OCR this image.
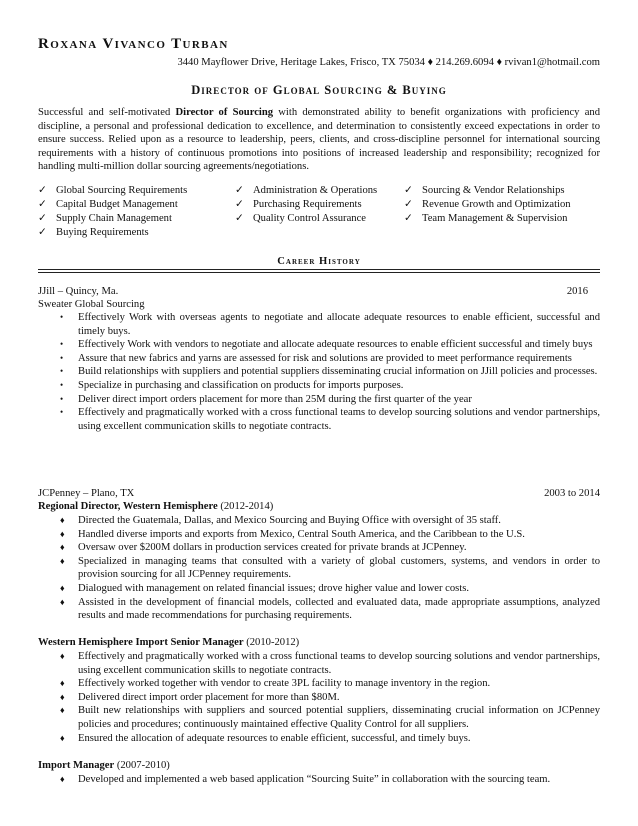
Roxana Vivanco Turban
3440 Mayflower Drive, Heritage Lakes, Frisco, TX 75034 ♦ 214.269.6094 ♦ rvivan1@hotmail.com
Director of Global Sourcing & Buying
Successful and self-motivated Director of Sourcing with demonstrated ability to benefit organizations with proficiency and discipline, a personal and professional dedication to excellence, and determination to consistently exceed expectations in order to ensure success. Relied upon as a resource to leadership, peers, clients, and cross-discipline personnel for international sourcing requirements with a history of continuous promotions into positions of increased leadership and responsibility; recognized for handling multi-million dollar sourcing agreements/negotiations.
✓ Global Sourcing Requirements
✓ Capital Budget Management
✓ Supply Chain Management
✓ Buying Requirements
✓ Administration & Operations
✓ Purchasing Requirements
✓ Quality Control Assurance
✓ Sourcing & Vendor Relationships
✓ Revenue Growth and Optimization
✓ Team Management & Supervision
Career History
JJill – Quincy, Ma.	2016
Sweater Global Sourcing
• Effectively Work with overseas agents to negotiate and allocate adequate resources to enable efficient, successful and timely buys.
• Effectively Work with vendors to negotiate and allocate adequate resources to enable efficient successful and timely buys
• Assure that new fabrics and yarns are assessed for risk and solutions are provided to meet performance requirements
• Build relationships with suppliers and potential suppliers disseminating crucial information on JJill policies and processes.
• Specialize in purchasing and classification on products for imports purposes.
• Deliver direct import orders placement for more than 25M during the first quarter of the year
• Effectively and pragmatically worked with a cross functional teams to develop sourcing solutions and vendor partnerships, using excellent communication skills to negotiate contracts.
JCPenney – Plano, TX	2003 to 2014
Regional Director, Western Hemisphere (2012-2014)
♦ Directed the Guatemala, Dallas, and Mexico Sourcing and Buying Office with oversight of 35 staff.
♦ Handled diverse imports and exports from Mexico, Central South America, and the Caribbean to the U.S.
♦ Oversaw over $200M dollars in production services created for private brands at JCPenney.
♦ Specialized in managing teams that consulted with a variety of global customers, systems, and vendors in order to provision sourcing for all JCPenney requirements.
♦ Dialogued with management on related financial issues; drove higher value and lower costs.
♦ Assisted in the development of financial models, collected and evaluated data, made appropriate assumptions, analyzed results and made recommendations for purchasing requirements.
Western Hemisphere Import Senior Manager (2010-2012)
♦ Effectively and pragmatically worked with a cross functional teams to develop sourcing solutions and vendor partnerships, using excellent communication skills to negotiate contracts.
♦ Effectively worked together with vendor to create 3PL facility to manage inventory in the region.
♦ Delivered direct import order placement for more than $80M.
♦ Built new relationships with suppliers and sourced potential suppliers, disseminating crucial information on JCPenney policies and procedures; continuously maintained effective Quality Control for all suppliers.
♦ Ensured the allocation of adequate resources to enable efficient, successful, and timely buys.
Import Manager (2007-2010)
♦ Developed and implemented a web based application “Sourcing Suite” in collaboration with the sourcing team.
